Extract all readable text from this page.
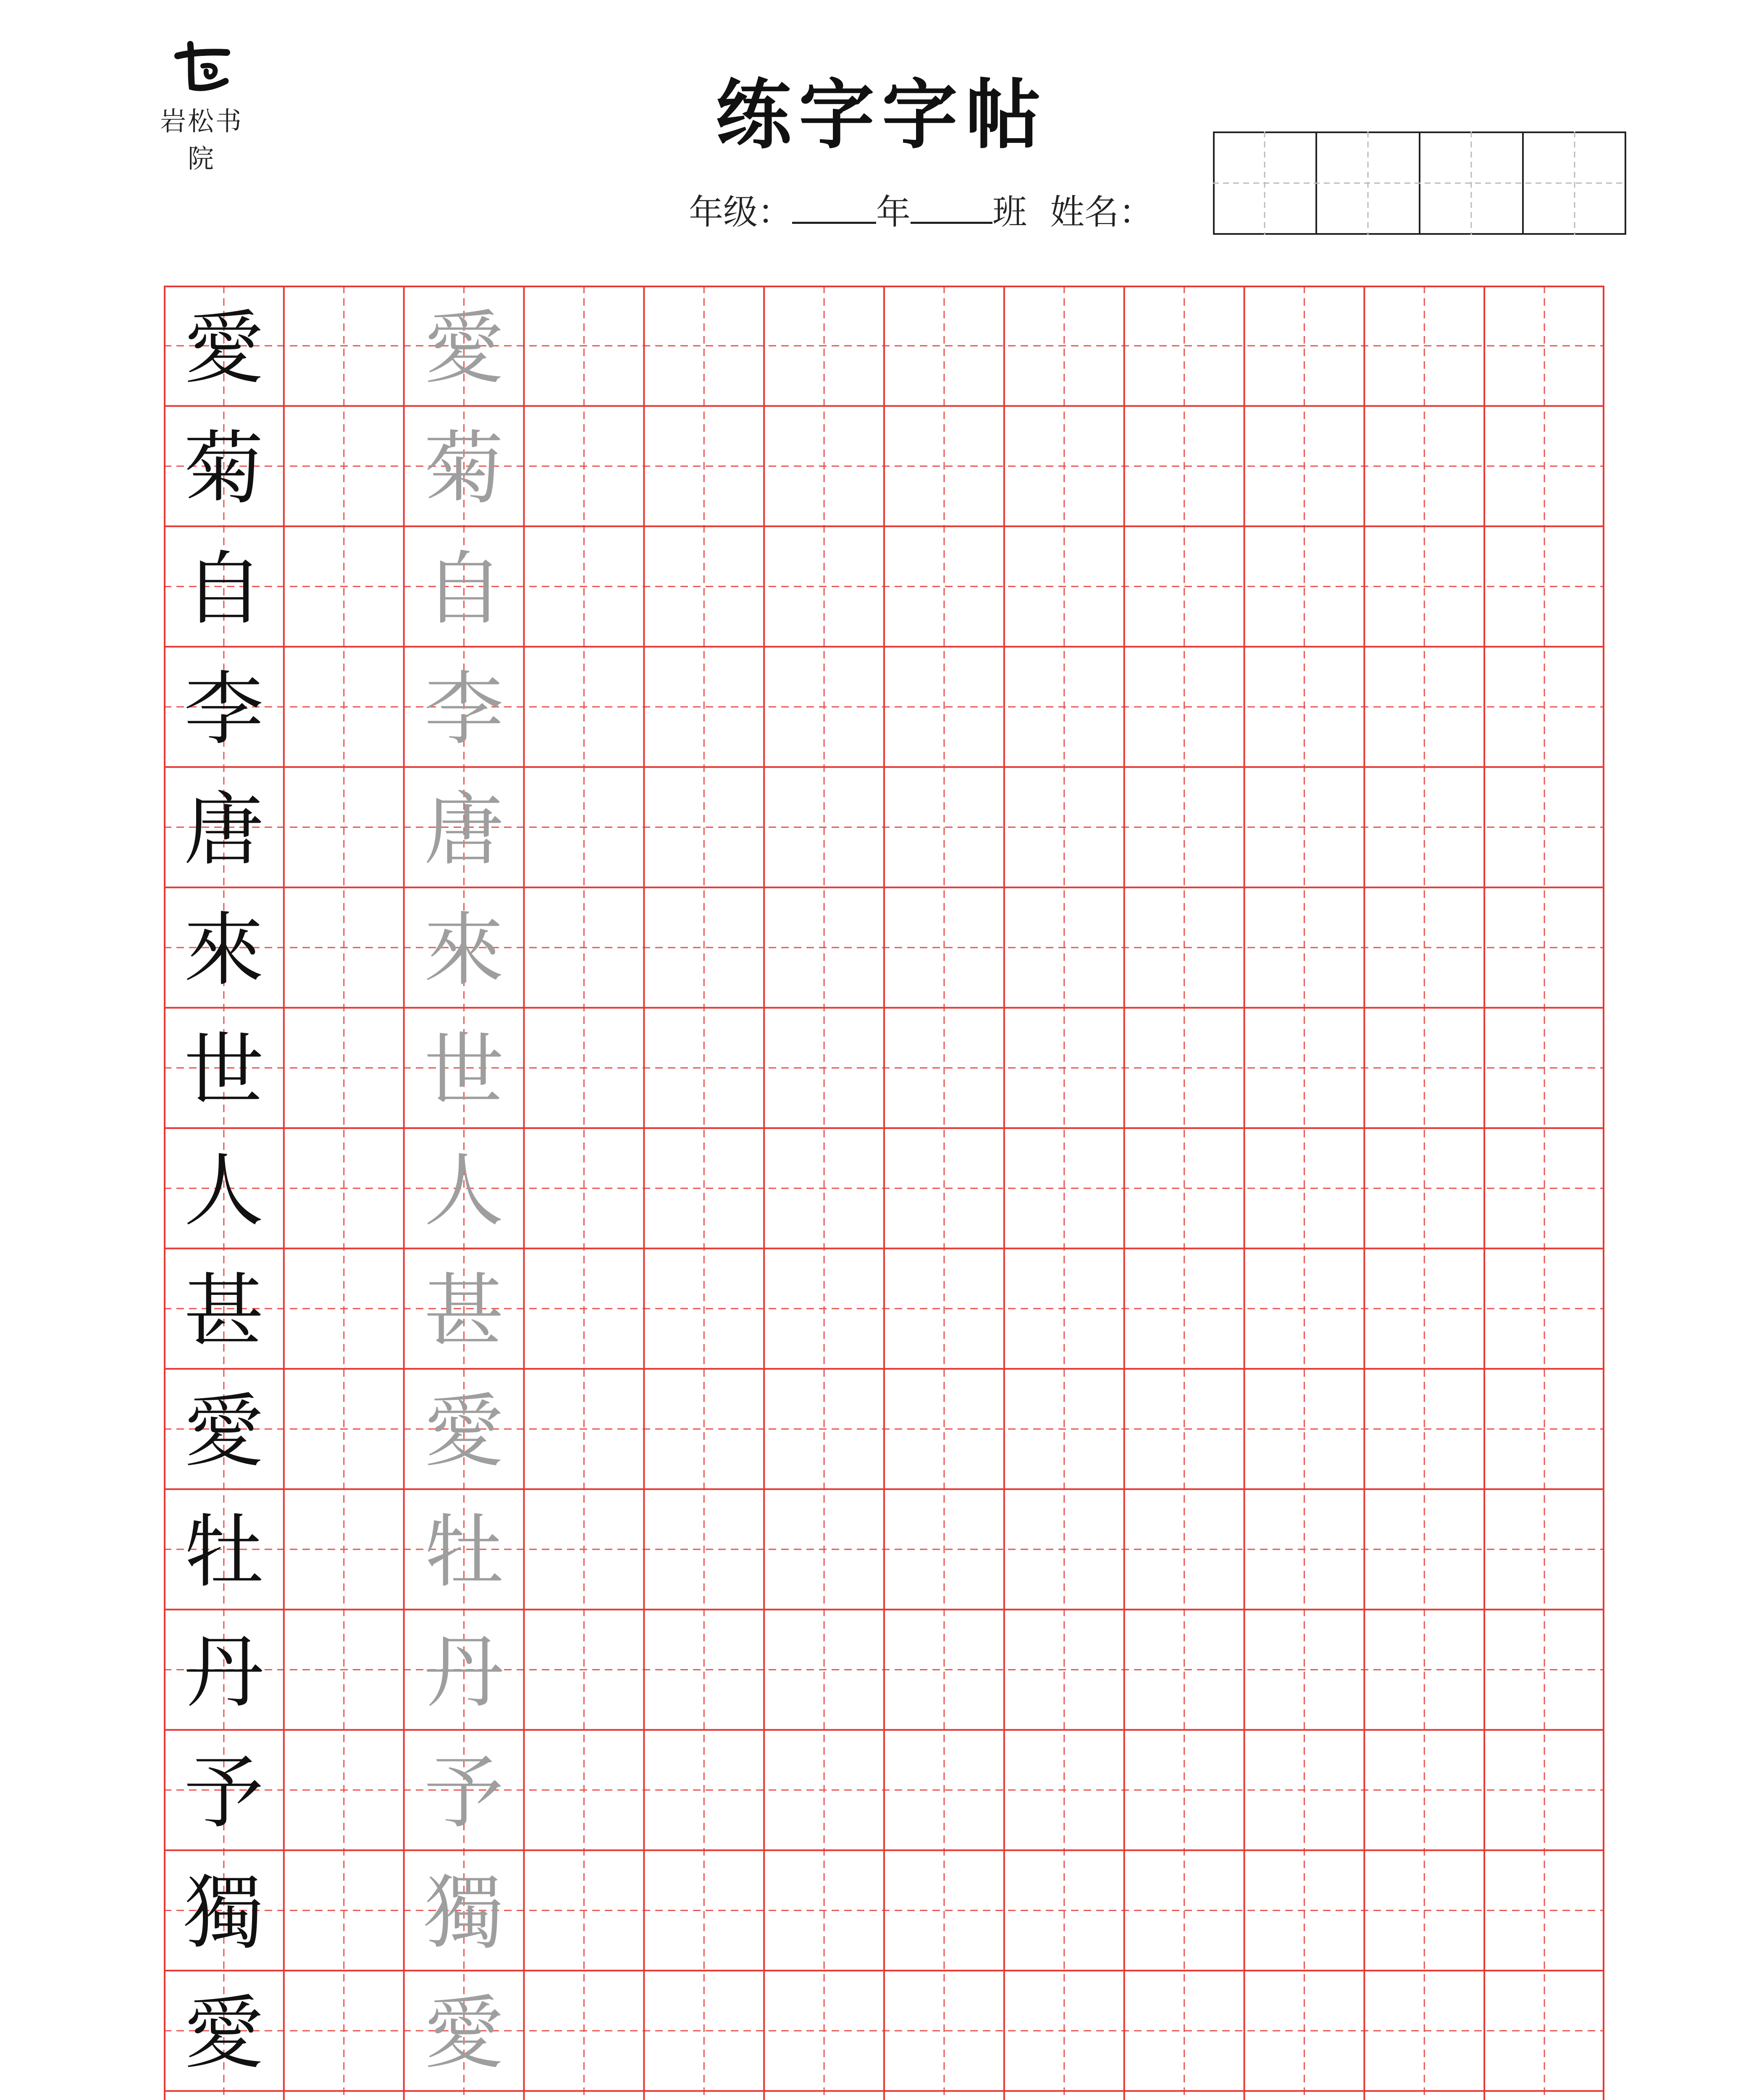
岩松书院	练字字帖
年级： 年 班 姓名：
愛 愛
菊 菊
自 自
李 李
唐 唐
來 來
世 世
人 人
甚 甚
愛 愛
牡 牡
丹 丹
予 予
獨 獨
愛 愛
